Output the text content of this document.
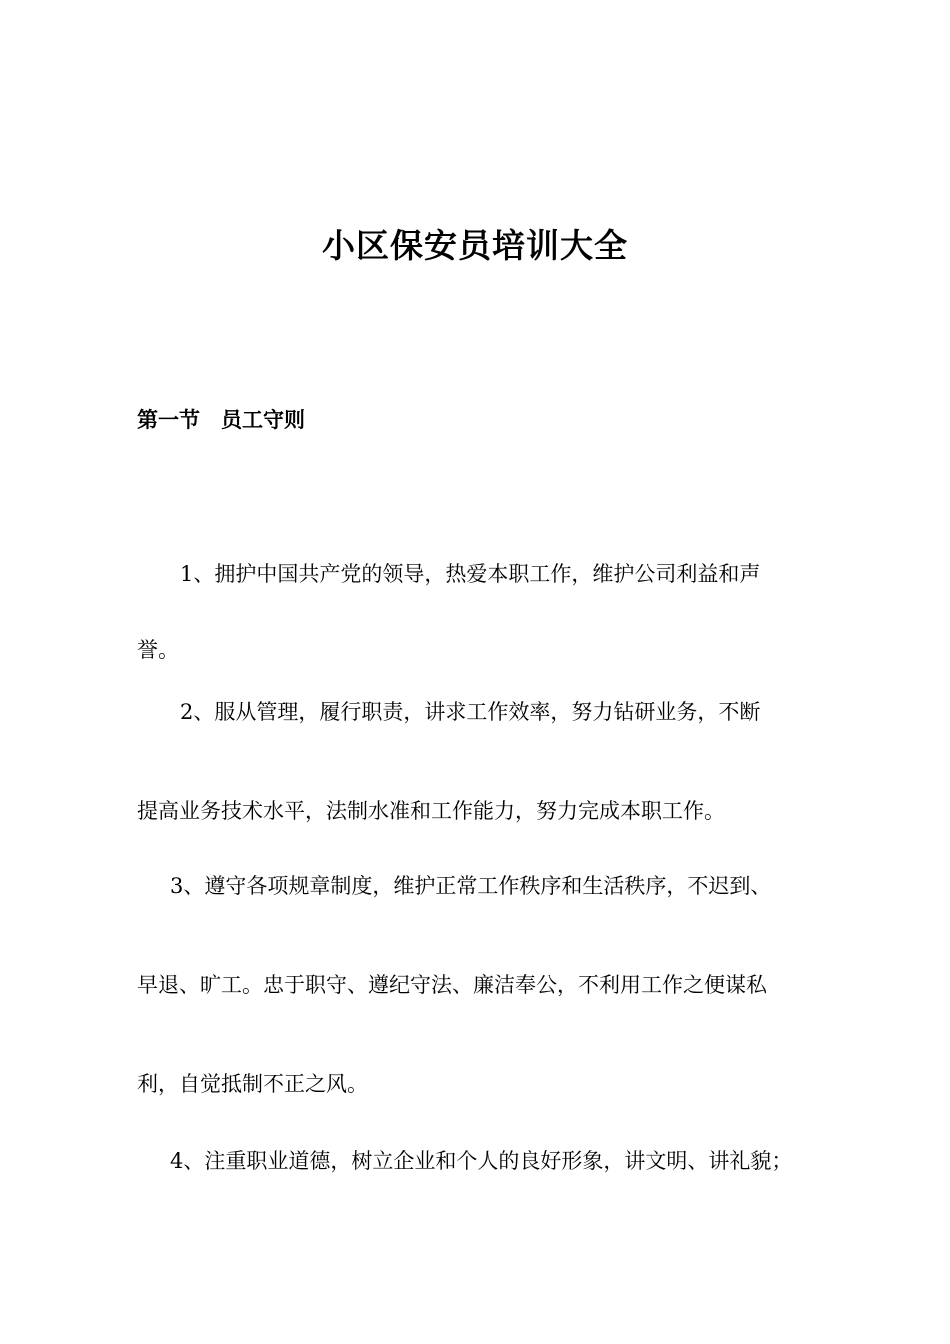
小区保安员培训大全
第一节　员工守则
1、拥护中国共产党的领导，热爱本职工作，维护公司利益和声
誉。
2、服从管理，履行职责，讲求工作效率，努力钻研业务，不断
提高业务技术水平，法制水准和工作能力，努力完成本职工作。
3、遵守各项规章制度，维护正常工作秩序和生活秩序，不迟到、
早退、旷工。忠于职守、遵纪守法、廉洁奉公，不利用工作之便谋私
利，自觉抵制不正之风。
4、注重职业道德，树立企业和个人的良好形象，讲文明、讲礼貌；
